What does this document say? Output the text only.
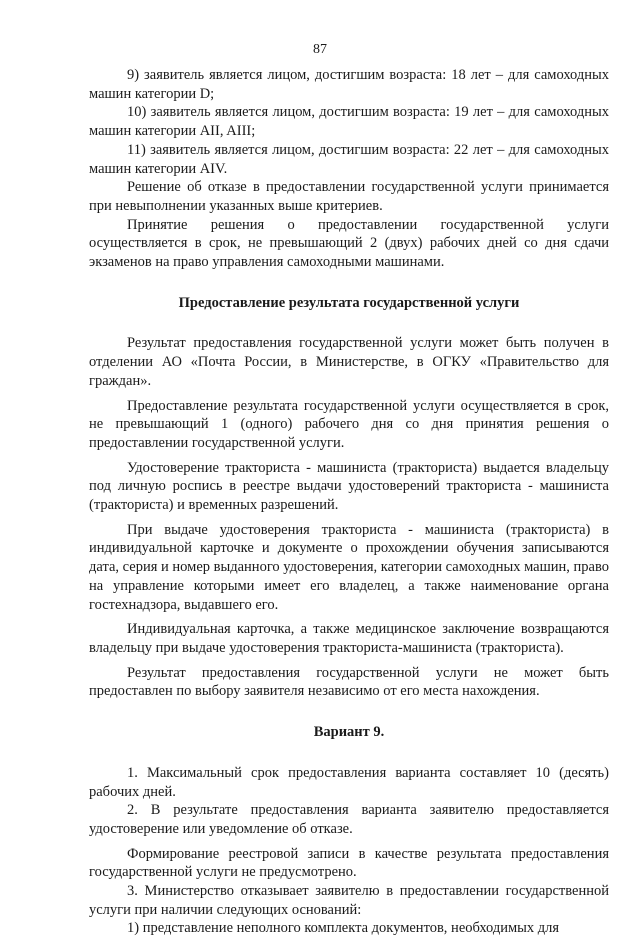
87

9) заявитель является лицом, достигшим возраста: 18 лет – для самоходных машин категории D;

10) заявитель является лицом, достигшим возраста: 19 лет – для самоходных машин категории AII, AIII;

11) заявитель является лицом, достигшим возраста: 22 лет – для самоходных машин категории AIV.

Решение об отказе в предоставлении государственной услуги принимается при невыполнении указанных выше критериев.

Принятие решения о предоставлении государственной услуги осуществляется в срок, не превышающий 2 (двух) рабочих дней со дня сдачи экзаменов на право управления самоходными машинами.

Предоставление результата государственной услуги

Результат предоставления государственной услуги может быть получен в отделении АО «Почта России, в Министерстве, в ОГКУ «Правительство для граждан».

Предоставление результата государственной услуги осуществляется в срок, не превышающий 1 (одного) рабочего дня со дня принятия решения о предоставлении государственной услуги.

Удостоверение тракториста - машиниста (тракториста) выдается владельцу под личную роспись в реестре выдачи удостоверений тракториста - машиниста (тракториста) и временных разрешений.

При выдаче удостоверения тракториста - машиниста (тракториста) в индивидуальной карточке и документе о прохождении обучения записываются дата, серия и номер выданного удостоверения, категории самоходных машин, право на управление которыми имеет его владелец, а также наименование органа гостехнадзора, выдавшего его.

Индивидуальная карточка, а также медицинское заключение возвращаются владельцу при выдаче удостоверения тракториста-машиниста (тракториста).

Результат предоставления государственной услуги не может быть предоставлен по выбору заявителя независимо от его места нахождения.

Вариант 9.

1. Максимальный срок предоставления варианта составляет 10 (десять) рабочих дней.

2. В результате предоставления варианта заявителю предоставляется удостоверение или уведомление об отказе.

Формирование реестровой записи в качестве результата предоставления государственной услуги не предусмотрено.

3. Министерство отказывает заявителю в предоставлении государственной услуги при наличии следующих оснований:

1) представление неполного комплекта документов, необходимых для
